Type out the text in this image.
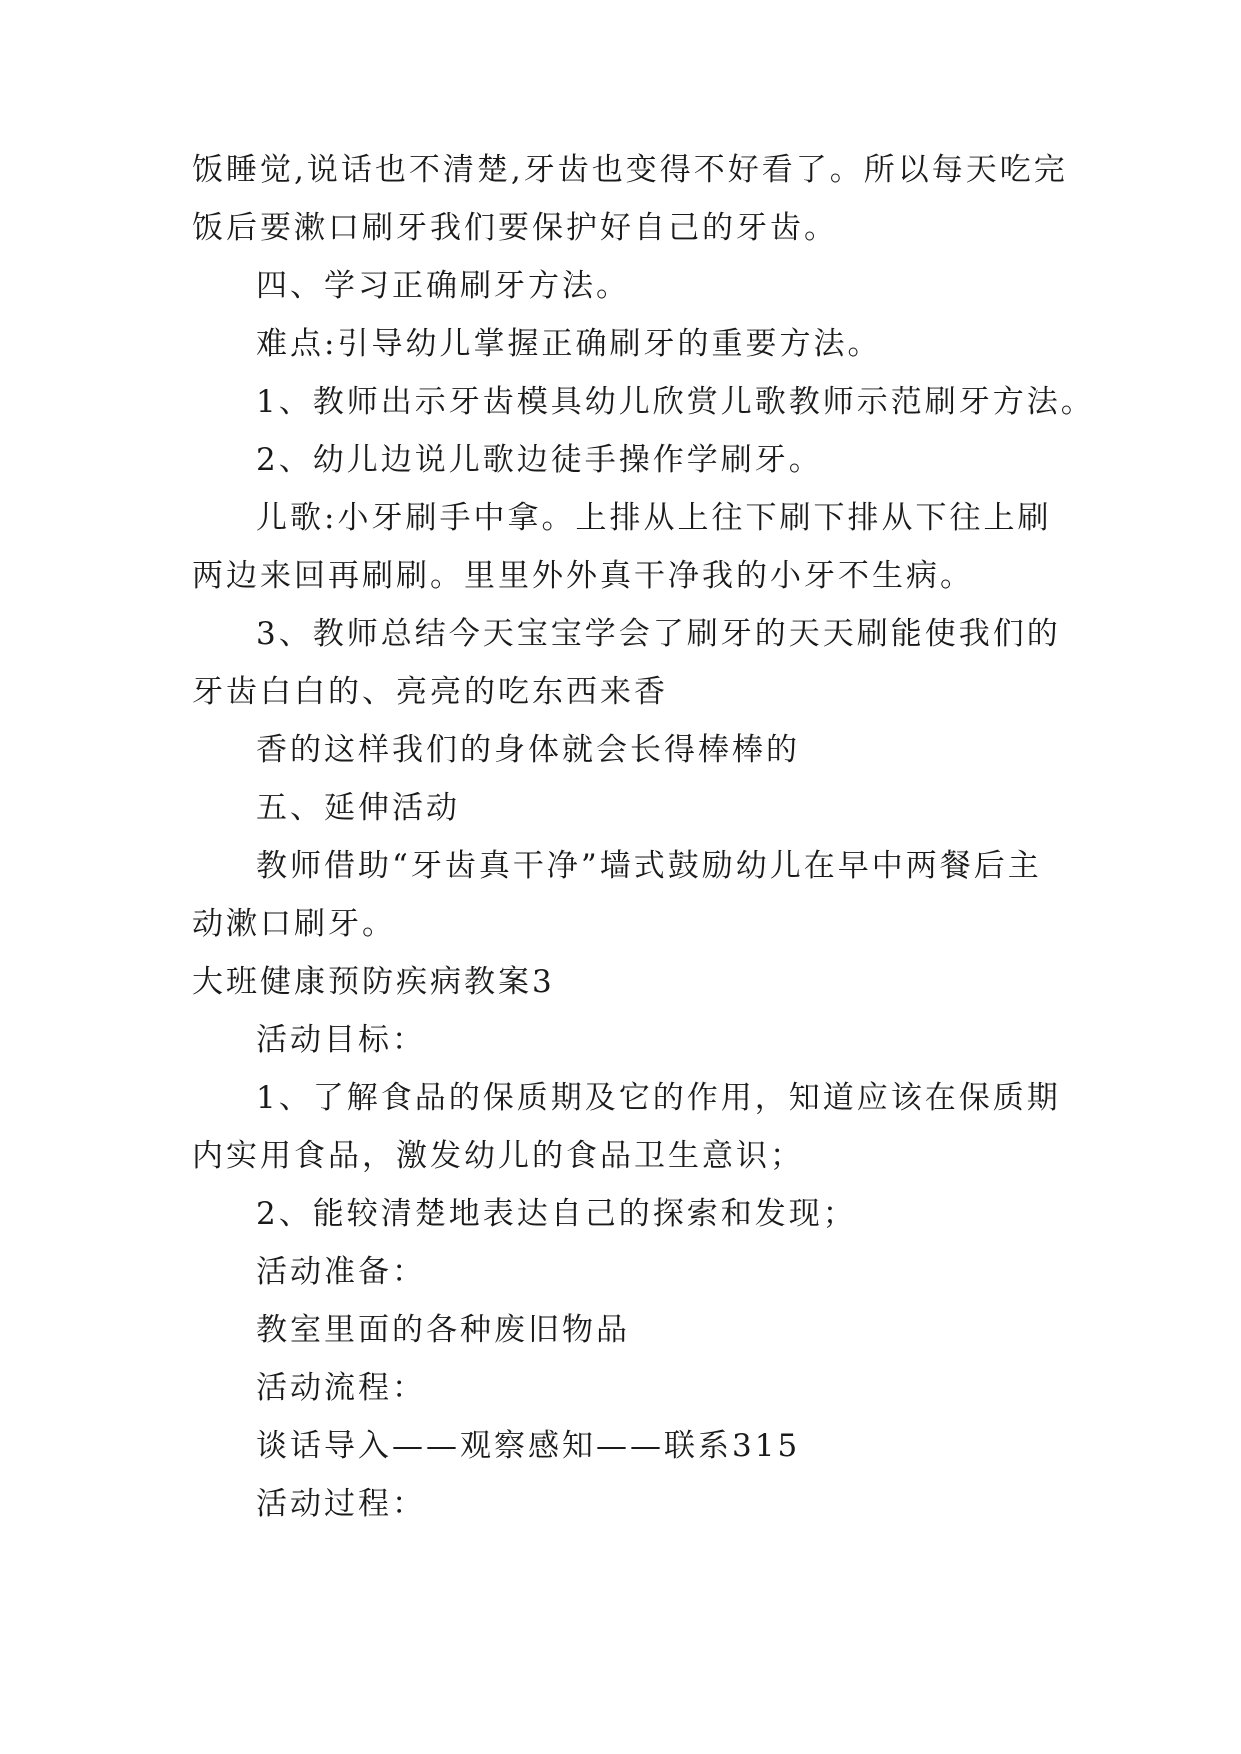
饭睡觉,说话也不清楚,牙齿也变得不好看了。所以每天吃完
饭后要漱口刷牙我们要保护好自己的牙齿。
四、学习正确刷牙方法。
难点:引导幼儿掌握正确刷牙的重要方法。
1、教师出示牙齿模具幼儿欣赏儿歌教师示范刷牙方法。
2、幼儿边说儿歌边徒手操作学刷牙。
儿歌:小牙刷手中拿。上排从上往下刷下排从下往上刷
两边来回再刷刷。里里外外真干净我的小牙不生病。
3、教师总结今天宝宝学会了刷牙的天天刷能使我们的
牙齿白白的、亮亮的吃东西来香
香的这样我们的身体就会长得棒棒的
五、延伸活动
教师借助“牙齿真干净”墙式鼓励幼儿在早中两餐后主
动漱口刷牙。
大班健康预防疾病教案3
活动目标：
1、了解食品的保质期及它的作用，知道应该在保质期
内实用食品，激发幼儿的食品卫生意识；
2、能较清楚地表达自己的探索和发现；
活动准备：
教室里面的各种废旧物品
活动流程：
谈话导入——观察感知——联系315
活动过程：
